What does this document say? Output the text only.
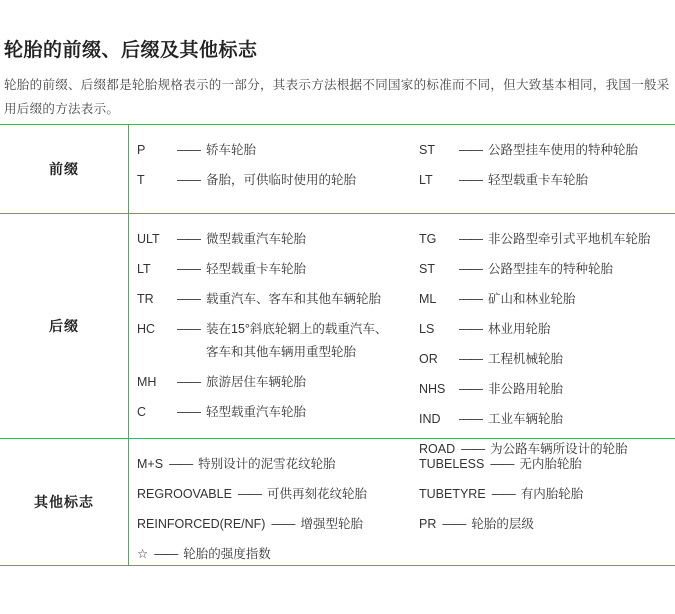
轮胎的前缀、后缀及其他标志

轮胎的前缀、后缀都是轮胎规格表示的一部分，其表示方法根据不同国家的标准而不同，但大致基本相同，我国一般采用后缀的方法表示。

前缀
P	—— 轿车轮胎
T	—— 备胎，可供临时使用的轮胎
ST	—— 公路型挂车使用的特种轮胎
LT	—— 轻型载重卡车轮胎
后缀
ULT	—— 微型载重汽车轮胎
LT	—— 轻型载重卡车轮胎
TR	—— 载重汽车、客车和其他车辆轮胎
HC	—— 装在15°斜底轮辋上的载重汽车、
客车和其他车辆用重型轮胎
MH	—— 旅游居住车辆轮胎
C	—— 轻型载重汽车轮胎
TG	—— 非公路型牵引式平地机车轮胎
ST	—— 公路型挂车的特种轮胎
ML	—— 矿山和林业轮胎
LS	—— 林业用轮胎
OR	—— 工程机械轮胎
NHS	—— 非公路用轮胎
IND	—— 工业车辆轮胎
ROAD —— 为公路车辆所设计的轮胎
其他标志
M+S —— 特别设计的泥雪花纹轮胎
REGROOVABLE —— 可供再刻花纹轮胎
REINFORCED(RE/NF) —— 增强型轮胎
☆ —— 轮胎的强度指数
TUBELESS —— 无内胎轮胎
TUBETYRE —— 有内胎轮胎
PR —— 轮胎的层级
